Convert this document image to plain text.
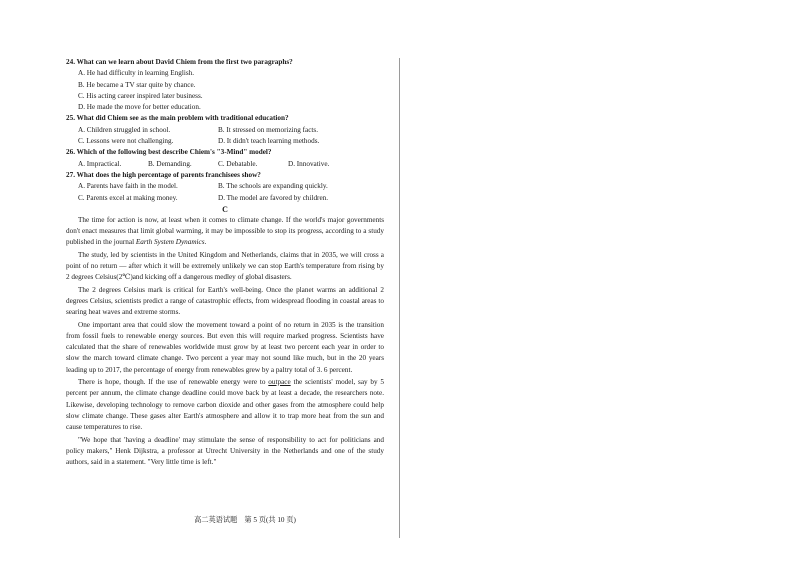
24. What can we learn about David Chiem from the first two paragraphs?
A. He had difficulty in learning English.
B. He became a TV star quite by chance.
C. His acting career inspired later business.
D. He made the move for better education.
25. What did Chiem see as the main problem with traditional education?
A. Children struggled in school.	B. It stressed on memorizing facts.
C. Lessons were not challenging.	D. It didn't teach learning methods.
26. Which of the following best describe Chiem's "3-Mind" model?
A. Impractical.	B. Demanding.	C. Debatable.	D. Innovative.
27. What does the high percentage of parents franchisees show?
A. Parents have faith in the model.	B. The schools are expanding quickly.
C. Parents excel at making money.	D. The model are favored by children.
C

The time for action is now, at least when it comes to climate change. If the world's major governments don't enact measures that limit global warming, it may be impossible to stop its progress, according to a study published in the journal Earth System Dynamics.

The study, led by scientists in the United Kingdom and Netherlands, claims that in 2035, we will cross a point of no return — after which it will be extremely unlikely we can stop Earth's temperature from rising by 2 degrees Celsius(2℃)and kicking off a dangerous medley of global disasters.

The 2 degrees Celsius mark is critical for Earth's well-being. Once the planet warms an additional 2 degrees Celsius, scientists predict a range of catastrophic effects, from widespread flooding in coastal areas to searing heat waves and extreme storms.

One important area that could slow the movement toward a point of no return in 2035 is the transition from fossil fuels to renewable energy sources. But even this will require marked progress. Scientists have calculated that the share of renewables worldwide must grow by at least two percent each year in order to slow the march toward climate change. Two percent a year may not sound like much, but in the 20 years leading up to 2017, the percentage of energy from renewables grew by a paltry total of 3. 6 percent.

There is hope, though. If the use of renewable energy were to outpace the scientists' model, say by 5 percent per annum, the climate change deadline could move back by at least a decade, the researchers note. Likewise, developing technology to remove carbon dioxide and other gases from the atmosphere could help slow climate change. These gases alter Earth's atmosphere and allow it to trap more heat from the sun and cause temperatures to rise.

"We hope that 'having a deadline' may stimulate the sense of responsibility to act for politicians and policy makers," Henk Dijkstra, a professor at Utrecht University in the Netherlands and one of the study authors, said in a statement. "Very little time is left."

高二英语试题　第 5 页(共 10 页)
